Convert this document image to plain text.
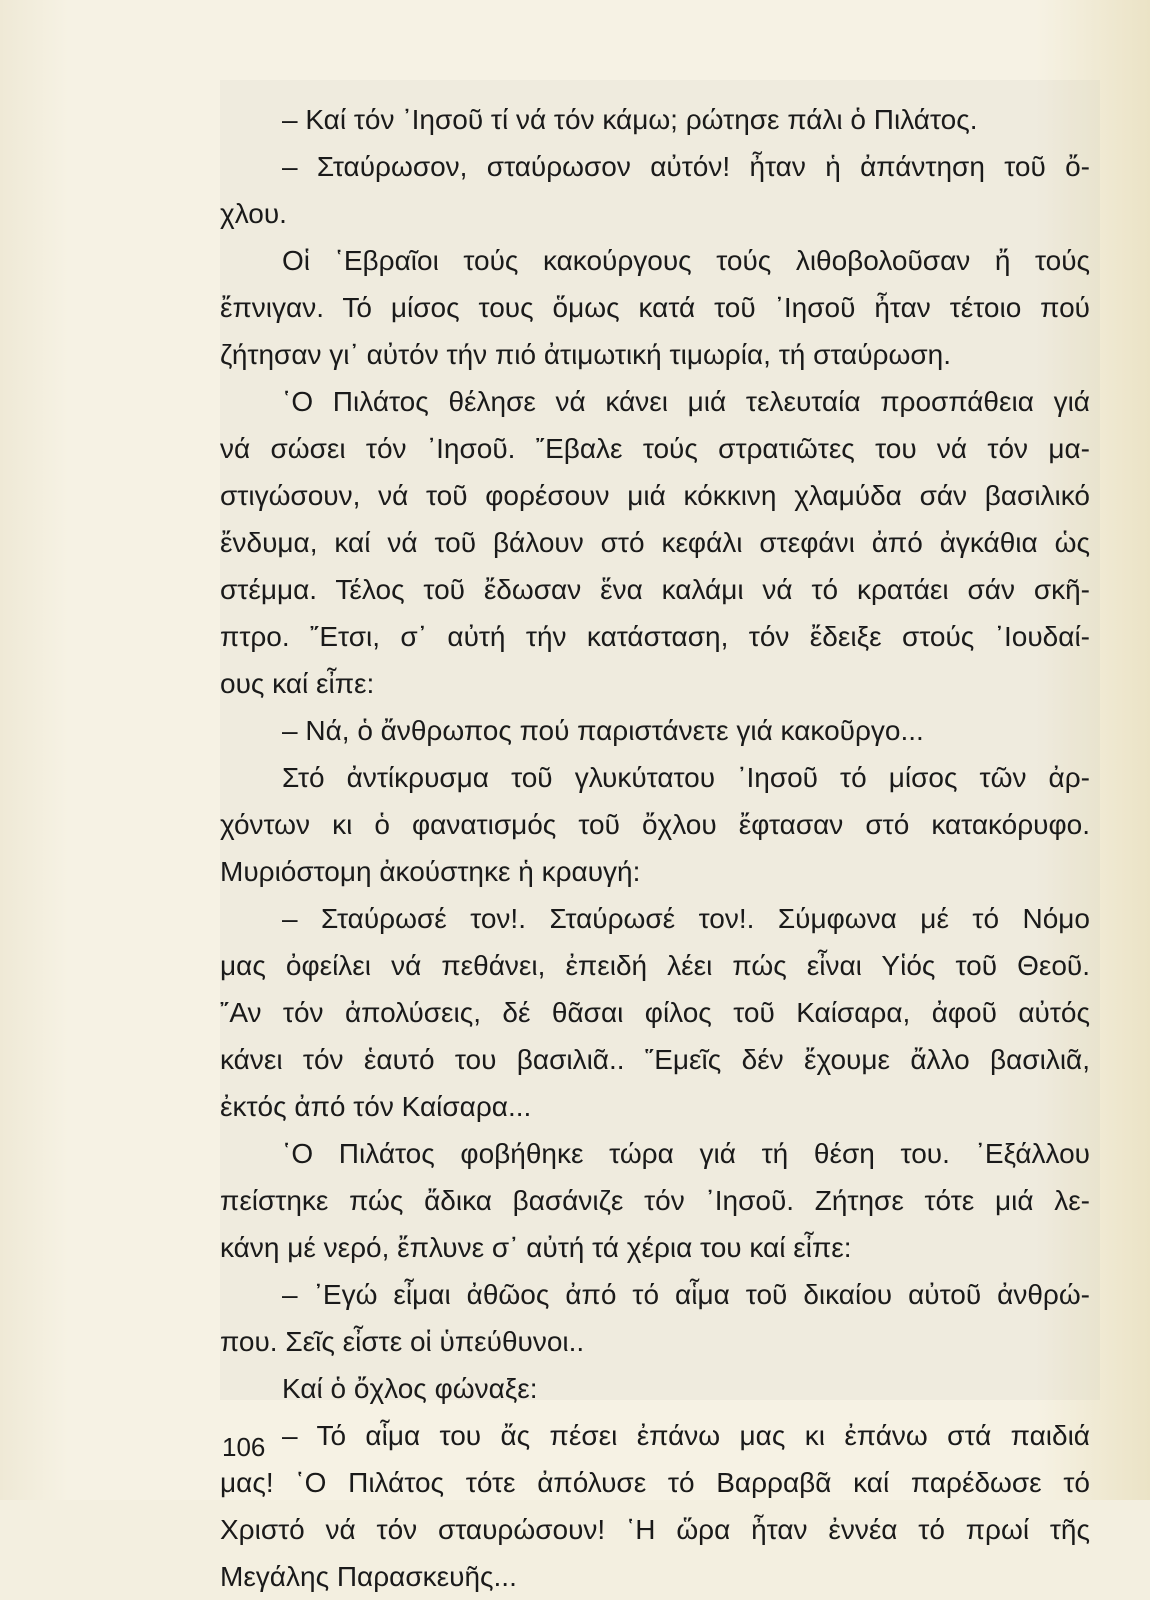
– Καί τόν ᾽Ιησοῦ τί νά τόν κάμω; ρώτησε πάλι ὁ Πιλάτος.
– Σταύρωσον, σταύρωσον αὐτόν! ἦταν ἡ ἀπάντηση τοῦ ὄ-
χλου.
Οἱ ῾Εβραῖοι τούς κακούργους τούς λιθοβολοῦσαν ἤ τούς
ἔπνιγαν. Τό μίσος τους ὅμως κατά τοῦ ᾽Ιησοῦ ἦταν τέτοιο πού
ζήτησαν γι᾽ αὐτόν τήν πιό ἀτιμωτική τιμωρία, τή σταύρωση.
῾Ο Πιλάτος θέλησε νά κάνει μιά τελευταία προσπάθεια γιά
νά σώσει τόν ᾽Ιησοῦ. ῎Εβαλε τούς στρατιῶτες του νά τόν μα-
στιγώσουν, νά τοῦ φορέσουν μιά κόκκινη χλαμύδα σάν βασιλικό
ἔνδυμα, καί νά τοῦ βάλουν στό κεφάλι στεφάνι ἀπό ἀγκάθια ὡς
στέμμα. Τέλος τοῦ ἔδωσαν ἕνα καλάμι νά τό κρατάει σάν σκῆ-
πτρο. ῎Ετσι, σ᾽ αὐτή τήν κατάσταση, τόν ἔδειξε στούς ᾽Ιουδαί-
ους καί εἶπε:
– Νά, ὁ ἄνθρωπος πού παριστάνετε γιά κακοῦργο...
Στό ἀντίκρυσμα τοῦ γλυκύτατου ᾽Ιησοῦ τό μίσος τῶν ἀρ-
χόντων κι ὁ φανατισμός τοῦ ὄχλου ἔφτασαν στό κατακόρυφο.
Μυριόστομη ἀκούστηκε ἡ κραυγή:
– Σταύρωσέ τον!. Σταύρωσέ τον!. Σύμφωνα μέ τό Νόμο
μας ὀφείλει νά πεθάνει, ἐπειδή λέει πώς εἶναι Υἱός τοῦ Θεοῦ.
῎Αν τόν ἀπολύσεις, δέ θᾶσαι φίλος τοῦ Καίσαρα, ἀφοῦ αὐτός
κάνει τόν ἑαυτό του βασιλιᾶ.. ῞Εμεῖς δέν ἔχουμε ἄλλο βασιλιᾶ,
ἐκτός ἀπό τόν Καίσαρα...
῾Ο Πιλάτος φοβήθηκε τώρα γιά τή θέση του. ᾽Εξάλλου
πείστηκε πώς ἄδικα βασάνιζε τόν ᾽Ιησοῦ. Ζήτησε τότε μιά λε-
κάνη μέ νερό, ἔπλυνε σ᾽ αὐτή τά χέρια του καί εἶπε:
– ᾽Εγώ εἶμαι ἀθῶος ἀπό τό αἷμα τοῦ δικαίου αὐτοῦ ἀνθρώ-
που. Σεῖς εἶστε οἱ ὑπεύθυνοι..
Καί ὁ ὄχλος φώναξε:
– Τό αἷμα του ἄς πέσει ἐπάνω μας κι ἐπάνω στά παιδιά
μας! ῾Ο Πιλάτος τότε ἀπόλυσε τό Βαρραβᾶ καί παρέδωσε τό
Χριστό νά τόν σταυρώσουν! ῾Η ὥρα ἦταν ἐννέα τό πρωί τῆς
Μεγάλης Παρασκευῆς...
106
